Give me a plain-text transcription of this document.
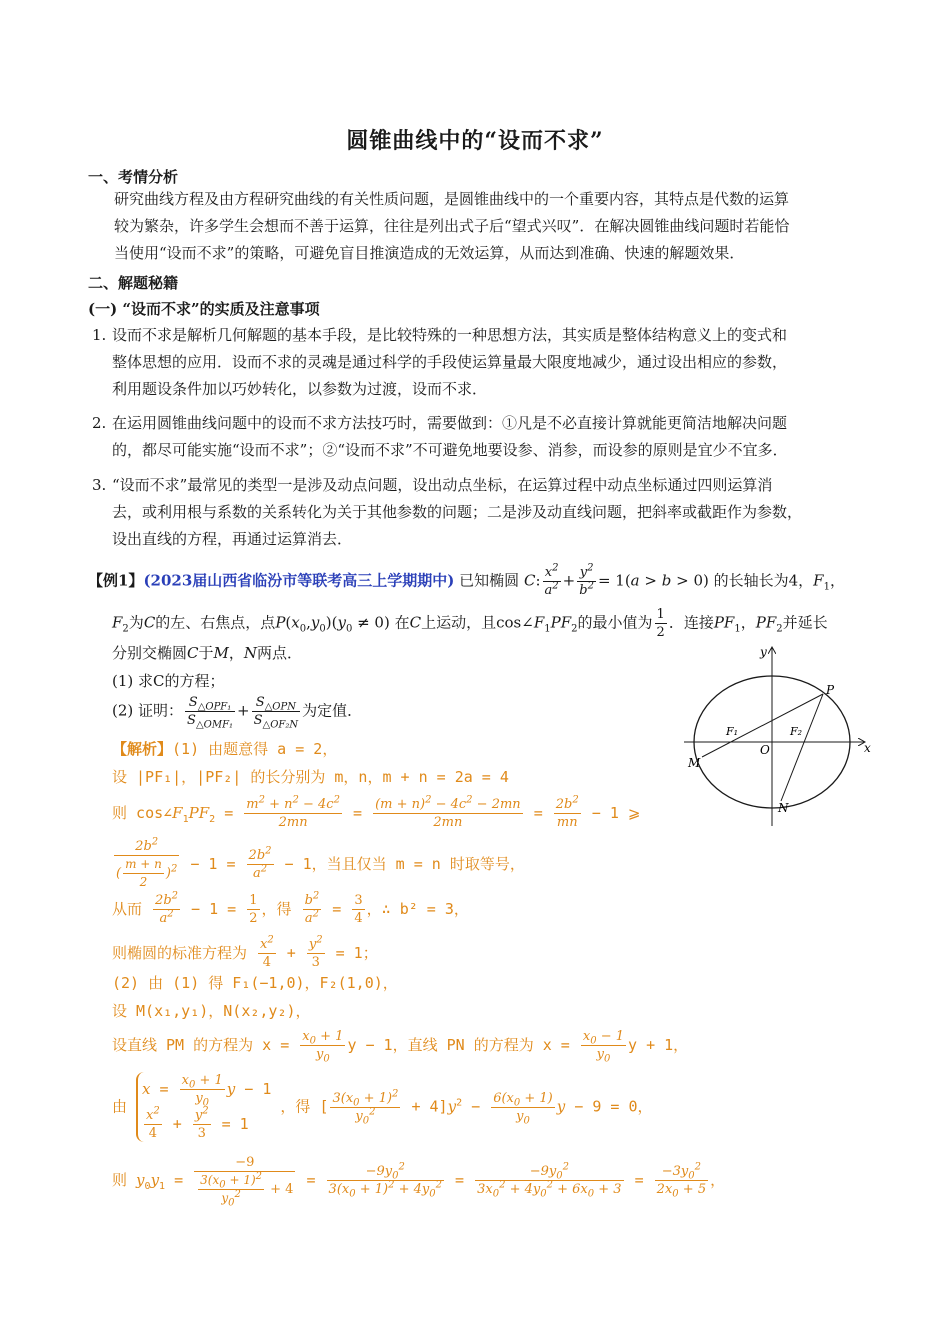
圆锥曲线中的“设而不求”
一、考情分析
研究曲线方程及由方程研究曲线的有关性质问题，是圆锥曲线中的一个重要内容，其特点是代数的运算
较为繁杂，许多学生会想而不善于运算，往往是列出式子后“望式兴叹”．在解决圆锥曲线问题时若能恰
当使用“设而不求”的策略，可避免盲目推演造成的无效运算，从而达到准确、快速的解题效果．
二、解题秘籍
(一) “设而不求”的实质及注意事项
1. 设而不求是解析几何解题的基本手段，是比较特殊的一种思想方法，其实质是整体结构意义上的变式和
整体思想的应用．设而不求的灵魂是通过科学的手段使运算量最大限度地减少，通过设出相应的参数，
利用题设条件加以巧妙转化，以参数为过渡，设而不求．
2. 在运用圆锥曲线问题中的设而不求方法技巧时，需要做到：①凡是不必直接计算就能更简洁地解决问题
的，都尽可能实施“设而不求”；②“设而不求”不可避免地要设参、消参，而设参的原则是宜少不宜多．
3. “设而不求”最常见的类型一是涉及动点问题，设出动点坐标，在运算过程中动点坐标通过四则运算消
去，或利用根与系数的关系转化为关于其他参数的问题；二是涉及动直线问题，把斜率或截距作为参数，
设出直线的方程，再通过运算消去．
【例1】(2023届山西省临汾市等联考高三上学期期中) 已知椭圆 C: $\frac{x^2}{a^2} + \frac{y^2}{b^2} = 1(a > b > 0)$ 的长轴长为4，$F_1$，
$F_2$为C的左、右焦点，点$P(x_0,y_0)(y_0 \ne 0)$ 在C上运动，且$\cos\angle F_1PF_2$的最小值为 $\frac{1}{2}$ ．连接$PF_1$，$PF_2$并延长
分别交椭圆C于M，N两点．
(1) 求C的方程；
(2) 证明： $\frac{S_{\triangle OPF_1}}{S_{\triangle OMF_1}} + \frac{S_{\triangle OPN}}{S_{\triangle OF_2N}}$ 为定值．
【解析】(1) 由题意得 a = 2，
设 |PF₁|，|PF₂| 的长分别为 m，n，m + n = 2a = 4
则 $\cos\angle F_1PF_2 = \frac{m^2 + n^2 - 4c^2}{2mn} = \frac{(m + n)^2 - 4c^2 - 2mn}{2mn} = \frac{2b^2}{mn} - 1$ ⩾
$\frac{2b^2}{( \frac{m + n}{2} )^2} - 1 = \frac{2b^2}{a^2} - 1$，当且仅当 m = n 时取等号，
从而 $\frac{2b^2}{a^2} - 1 = \frac{1}{2}$ ，得 $\frac{b^2}{a^2} = \frac{3}{4}$ ，∴ b² = 3，
则椭圆的标准方程为 $\frac{x^2}{4} + \frac{y^2}{3} = 1$；
(2) 由 (1) 得 F₁(−1,0)，F₂(1,0)，
设 M(x₁,y₁)，N(x₂,y₂)，
设直线 PM 的方程为 $x = \frac{x_0 + 1}{y_0}$ y − 1，直线 PN 的方程为 $x = \frac{x_0 - 1}{y_0}$ y + 1，
由
$x = \frac{x_0 + 1}{y_0}$ y − 1
$\frac{x^2}{4} + \frac{y^2}{3} = 1$
，得 [ $\frac{3(x_0 + 1)^2}{y_0^2} + 4]y^2 - \frac{6(x_0 + 1)}{y_0}$ y − 9 = 0，
则 $y_0y_1 = \frac{-9}{\frac{3(x_0 + 1)^2}{y_0^2} + 4} = \frac{-9y_0^2}{3(x_0 + 1)^2 + 4y_0^2} = \frac{-9y_0^2}{3x_0^2 + 4y_0^2 + 6x_0 + 3} = \frac{-3y_0^2}{2x_0 + 5}$ ，
x
y
P
M
N
O
F₁	F₂
